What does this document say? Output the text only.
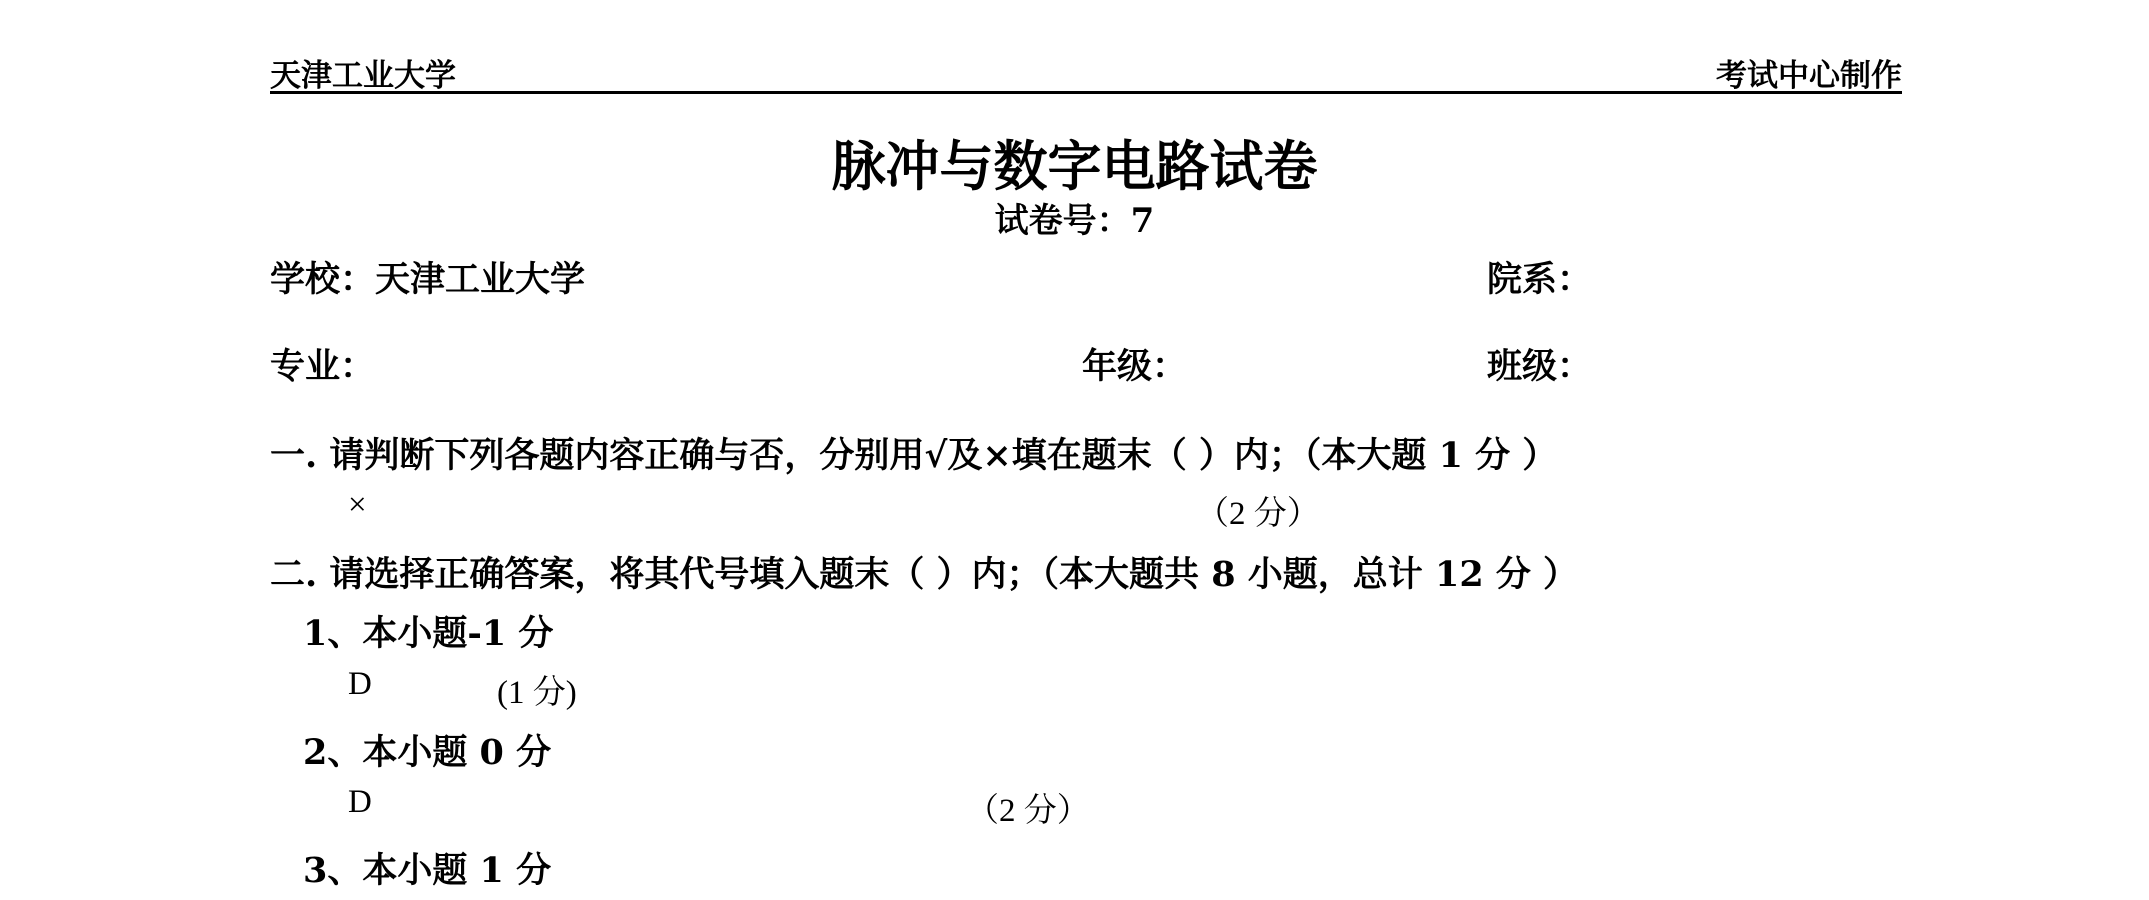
天津工业大学	考试中心制作
脉冲与数字电路试卷
试卷号：7
学校：天津工业大学	院系：
专业：	年级：	班级：
一. 请判断下列各题内容正确与否，分别用√及×填在题末（ ）内；（本大题 1 分 ）
×	（2 分）
二. 请选择正确答案，将其代号填入题末（ ）内；（本大题共 8 小题，总计 12 分 ）
1、本小题-1 分
D	(1 分)
2、本小题 0 分
D	（2 分）
3、本小题 1 分
